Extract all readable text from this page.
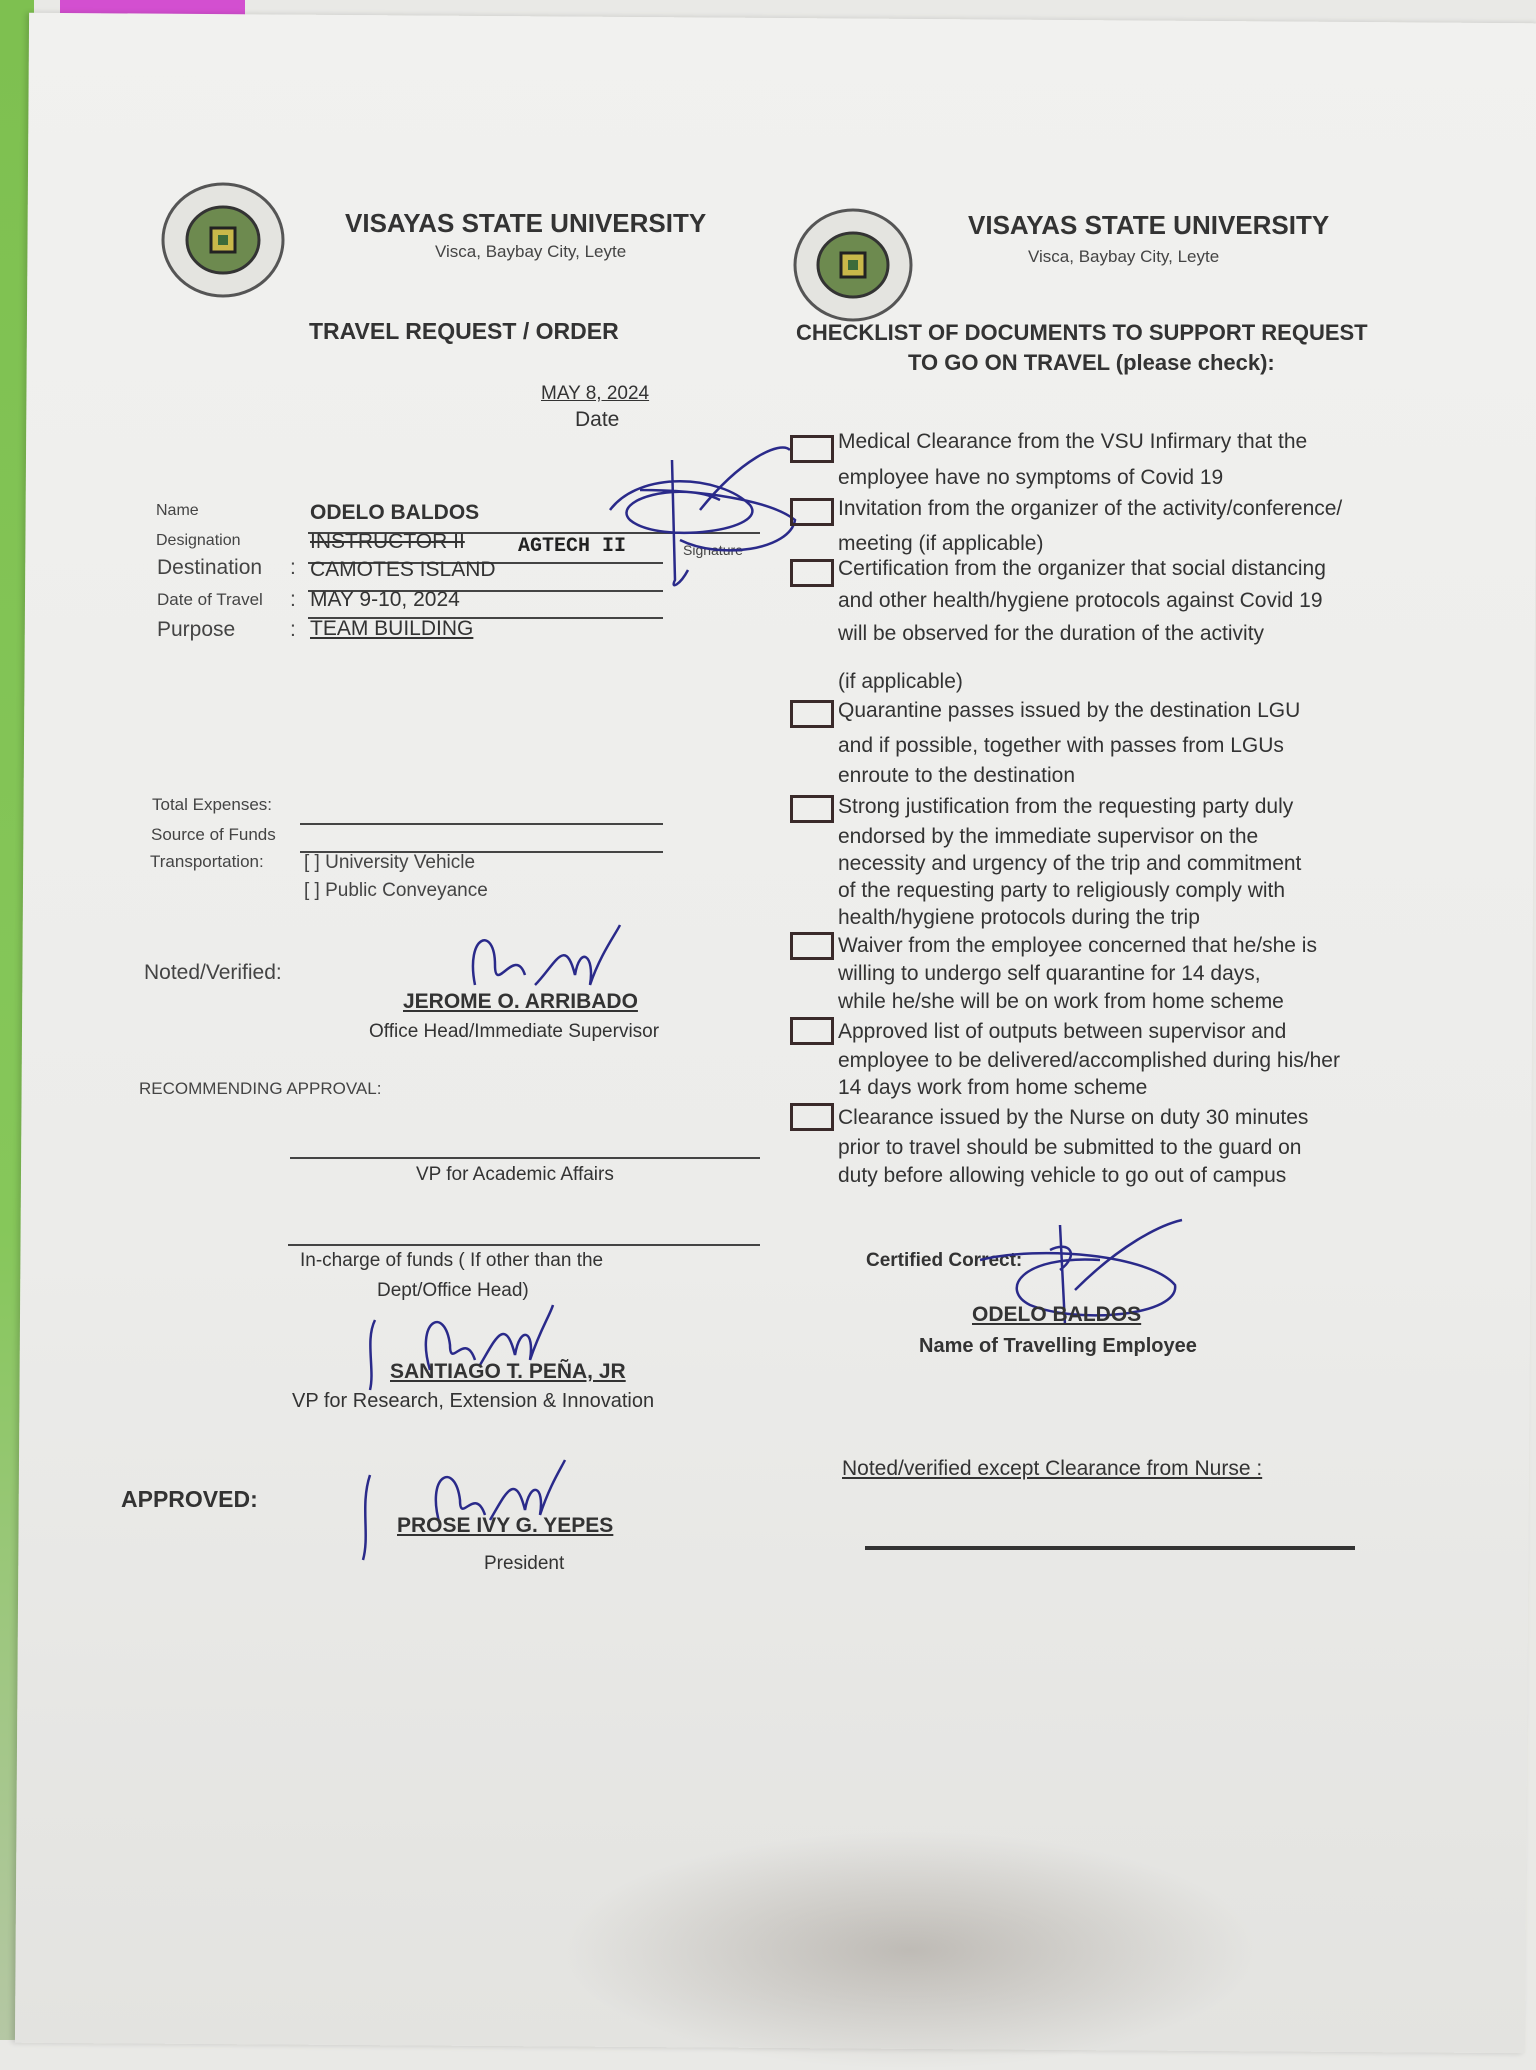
VISAYAS STATE UNIVERSITY
Visca, Baybay City, Leyte
VISAYAS STATE UNIVERSITY
Visca, Baybay City, Leyte
TRAVEL REQUEST / ORDER	CHECKLIST OF DOCUMENTS TO SUPPORT REQUEST
TO GO ON TRAVEL (please check):
MAY 8, 2024
Date
Name	ODELO BALDOS
Designation	INSTRUCTOR II	AGTECH II	Signature
Destination : CAMOTES ISLAND
Date of Travel : MAY 9-10, 2024
Purpose	: TEAM BUILDING
Total Expenses:
Source of Funds
Transportation: [ ] University Vehicle
[ ] Public Conveyance
Noted/Verified:
JEROME O. ARRIBADO
Office Head/Immediate Supervisor
RECOMMENDING APPROVAL:
VP for Academic Affairs
In-charge of funds ( If other than the
Dept/Office Head)
SANTIAGO T. PEÑA, JR
VP for Research, Extension & Innovation
APPROVED:
PROSE IVY G. YEPES
President
Medical Clearance from the VSU Infirmary that the
employee have no symptoms of Covid 19
Invitation from the organizer of the activity/conference/
meeting (if applicable)
Certification from the organizer that social distancing
and other health/hygiene protocols against Covid 19
will be observed for the duration of the activity
(if applicable)
Quarantine passes issued by the destination LGU
and if possible, together with passes from LGUs
enroute to the destination
Strong justification from the requesting party duly
endorsed by the immediate supervisor on the
necessity and urgency of the trip and commitment
of the requesting party to religiously comply with
health/hygiene protocols during the trip
Waiver from the employee concerned that he/she is
willing to undergo self quarantine for 14 days,
while he/she will be on work from home scheme
Approved list of outputs between supervisor and
employee to be delivered/accomplished during his/her
14 days work from home scheme
Clearance issued by the Nurse on duty 30 minutes
prior to travel should be submitted to the guard on
duty before allowing vehicle to go out of campus
Certified Correct:
ODELO BALDOS
Name of Travelling Employee
Noted/verified except Clearance from Nurse :
